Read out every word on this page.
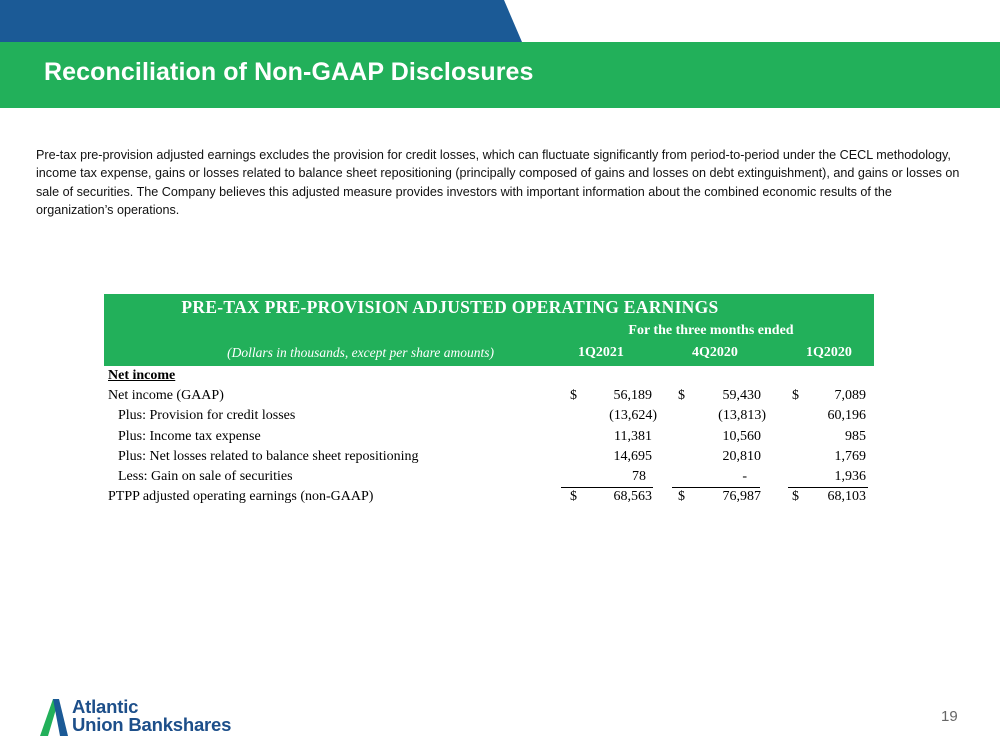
Reconciliation of Non-GAAP Disclosures
Pre-tax pre-provision adjusted earnings excludes the provision for credit losses, which can fluctuate significantly from period-to-period under the CECL methodology, income tax expense, gains or losses related to balance sheet repositioning (principally composed of gains and losses on debt extinguishment), and gains or losses on sale of securities. The Company believes this adjusted measure provides investors with important information about the combined economic results of the organization’s operations.
PRE-TAX PRE-PROVISION ADJUSTED OPERATING EARNINGS
For the three months ended
(Dollars in thousands, except per share amounts)	1Q2021	4Q2020	1Q2020
Net income
Net income (GAAP)	$	56,189 $	59,430 $	7,089
Plus: Provision for credit losses	(13,624)	(13,813)	60,196
Plus: Income tax expense	11,381	10,560	985
Plus: Net losses related to balance sheet repositioning	14,695	20,810	1,769
Less: Gain on sale of securities	78	-	1,936
PTPP adjusted operating earnings (non-GAAP)	$	68,563 $	76,987 $	68,103
Atlantic
Union Bankshares	19
